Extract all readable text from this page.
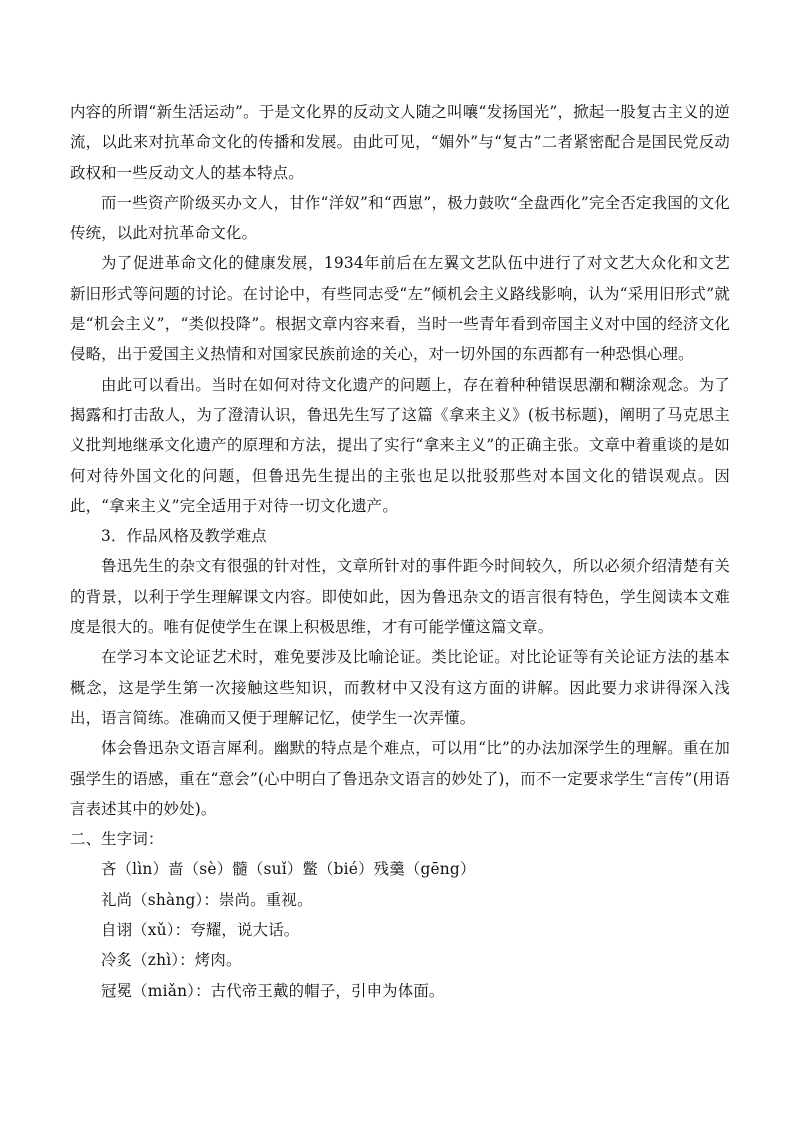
内容的所谓“新生活运动”。于是文化界的反动文人随之叫嚷“发扬国光”，掀起一股复古主义的逆流，以此来对抗革命文化的传播和发展。由此可见，“媚外”与“复古”二者紧密配合是国民党反动政权和一些反动文人的基本特点。

而一些资产阶级买办文人，甘作“洋奴”和“西崽”，极力鼓吹“全盘西化”完全否定我国的文化传统，以此对抗革命文化。

为了促进革命文化的健康发展，1934年前后在左翼文艺队伍中进行了对文艺大众化和文艺新旧形式等问题的讨论。在讨论中，有些同志受“左”倾机会主义路线影响，认为“采用旧形式”就是“机会主义”，“类似投降”。根据文章内容来看，当时一些青年看到帝国主义对中国的经济文化侵略，出于爱国主义热情和对国家民族前途的关心，对一切外国的东西都有一种恐惧心理。

由此可以看出。当时在如何对待文化遗产的问题上，存在着种种错误思潮和糊涂观念。为了揭露和打击敌人，为了澄清认识，鲁迅先生写了这篇《拿来主义》(板书标题)，阐明了马克思主义批判地继承文化遗产的原理和方法，提出了实行“拿来主义”的正确主张。文章中着重谈的是如何对待外国文化的问题，但鲁迅先生提出的主张也足以批驳那些对本国文化的错误观点。因此，“拿来主义”完全适用于对待一切文化遗产。

3．作品风格及教学难点

鲁迅先生的杂文有很强的针对性，文章所针对的事件距今时间较久，所以必须介绍清楚有关的背景，以利于学生理解课文内容。即使如此，因为鲁迅杂文的语言很有特色，学生阅读本文难度是很大的。唯有促使学生在课上积极思维，才有可能学懂这篇文章。

在学习本文论证艺术时，难免要涉及比喻论证。类比论证。对比论证等有关论证方法的基本概念，这是学生第一次接触这些知识，而教材中又没有这方面的讲解。因此要力求讲得深入浅出，语言简练。准确而又便于理解记忆，使学生一次弄懂。

体会鲁迅杂文语言犀利。幽默的特点是个难点，可以用“比”的办法加深学生的理解。重在加强学生的语感，重在“意会”(心中明白了鲁迅杂文语言的妙处了)，而不一定要求学生“言传”(用语言表述其中的妙处)。

二、生字词：

吝（lìn）啬（sè）髓（suǐ）鳖（bié）残羹（gēng）
礼尚（shàng）：崇尚。重视。
自诩（xǔ）：夸耀，说大话。
冷炙（zhì）：烤肉。
冠冕（miǎn）：古代帝王戴的帽子，引申为体面。
